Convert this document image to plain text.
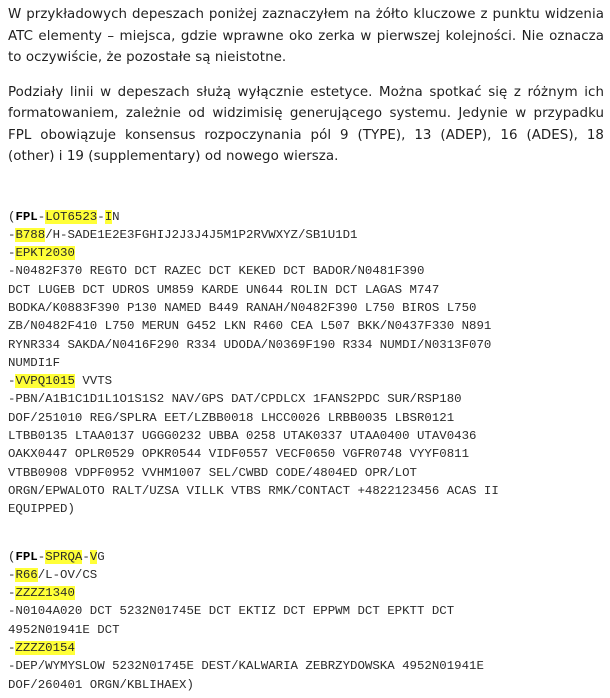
W przykładowych depeszach poniżej zaznaczyłem na żółto kluczowe z punktu widzenia ATC elementy – miejsca, gdzie wprawne oko zerka w pierwszej kolejności. Nie oznacza to oczywiście, że pozostałe są nieistotne.

Podziały linii w depeszach służą wyłącznie estetyce. Można spotkać się z różnym ich formatowaniem, zależnie od widzimisię generującego systemu. Jedynie w przypadku FPL obowiązuje konsensus rozpoczynania pól 9 (TYPE), 13 (ADEP), 16 (ADES), 18 (other) i 19 (supplementary) od nowego wiersza.

(FPL-LOT6523-IN
-B788/H-SADE1E2E3FGHIJ2J3J4J5M1P2RVWXYZ/SB1U1D1
-EPKT2030
-N0482F370 REGTO DCT RAZEC DCT KEKED DCT BADOR/N0481F390
DCT LUGEB DCT UDROS UM859 KARDE UN644 ROLIN DCT LAGAS M747
BODKA/K0883F390 P130 NAMED B449 RANAH/N0482F390 L750 BIROS L750
ZB/N0482F410 L750 MERUN G452 LKN R460 CEA L507 BKK/N0437F330 N891
RYNR334 SAKDA/N0416F290 R334 UDODA/N0369F190 R334 NUMDI/N0313F070
NUMDI1F
-VVPQ1015 VVTS
-PBN/A1B1C1D1L1O1S1S2 NAV/GPS DAT/CPDLCX 1FANS2PDC SUR/RSP180
DOF/251010 REG/SPLRA EET/LZBB0018 LHCC0026 LRBB0035 LBSR0121
LTBB0135 LTAA0137 UGGG0232 UBBA 0258 UTAK0337 UTAA0400 UTAV0436
OAKX0447 OPLR0529 OPKR0544 VIDF0557 VECF0650 VGFR0748 VYYF0811
VTBB0908 VDPF0952 VVHM1007 SEL/CWBD CODE/4804ED OPR/LOT
ORGN/EPWALOTO RALT/UZSA VILLK VTBS RMK/CONTACT +4822123456 ACAS II
EQUIPPED)
(FPL-SPRQA-VG
-R66/L-OV/CS
-ZZZZ1340
-N0104A020 DCT 5232N01745E DCT EKTIZ DCT EPPWM DCT EPKTT DCT
4952N01941E DCT
-ZZZZ0154
-DEP/WYMYSLOW 5232N01745E DEST/KALWARIA ZEBRZYDOWSKA 4952N01941E
DOF/260401 ORGN/KBLIHAEX)
